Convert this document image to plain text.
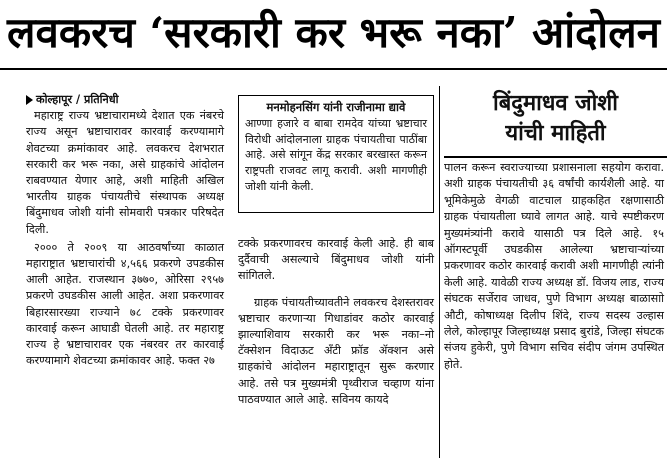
लवकरच ‘सरकारी कर भरू नका’ आंदोलन

कोल्हापूर / प्रतिनिधी

महाराष्ट्र राज्य भ्रष्टाचारामध्ये देशात एक नंबरचे राज्य असून भ्रष्टाचारावर कारवाई करण्यामागे शेवटच्या क्रमांकावर आहे. लवकरच देशभरात सरकारी कर भरू नका, असे ग्राहकांचे आंदोलन राबवण्यात येणार आहे, अशी माहिती अखिल भारतीय ग्राहक पंचायतीचे संस्थापक अध्यक्ष बिंदुमाधव जोशी यांनी सोमवारी पत्रकार परिषदेत दिली.

२००० ते २००९ या आठवर्षांच्या काळात महाराष्ट्रात भ्रष्टाचारांची ४,५६६ प्रकरणे उपडकीस आली आहेत. राजस्थान ३७७०, ओरिसा २९५७ प्रकरणे उघडकीस आली आहेत. अशा प्रकरणावर बिहारसारख्या राज्याने ७८ टक्के प्रकरणावर कारवाई करून आघाडी घेतली आहे. तर महाराष्ट्र राज्य हे भ्रष्टाचारावर एक नंबरवर तर कारवाई करण्यामागे शेवटच्या क्रमांकावर आहे. फक्त २७

मनमोहनसिंग यांनी राजीनामा द्यावे
आण्णा हजारे व बाबा रामदेव यांच्या भ्रष्टाचार विरोधी आंदोलनाला ग्राहक पंचायतीचा पाठींबा आहे. असे सांगून केंद्र सरकार बरखास्त करून राष्ट्रपती राजवट लागू करावी. अशी मागणीही जोशी यांनी केली.

टक्के प्रकरणावरच कारवाई केली आहे. ही बाब दुर्दैवाची असल्याचे बिंदुमाधव जोशी यांनी सांगितले.

ग्राहक पंचायतीच्यावतीने लवकरच देशस्तरावर भ्रष्टाचार करणाऱ्या गिधाडांवर कठोर कारवाई झाल्याशिवाय सरकारी कर भरू नका–नो टॅक्सेशन विदाऊट ॲंटी फ्रॉड ॲक्शन असे ग्राहकांचे आंदोलन महाराष्ट्रातून सुरू करणार आहे. तसे पत्र मुख्यमंत्री पृथ्वीराज चव्हाण यांना पाठवण्यात आले आहे. सविनय कायदे

बिंदुमाधव जोशी
यांची माहिती

पालन करून स्वराज्याच्या प्रशासनाला सहयोग करावा. अशी ग्राहक पंचायतीची ३६ वर्षांची कार्यशैली आहे. या भूमिकेमुळे वेगळी वाटचाल ग्राहकहित रक्षणासाठी ग्राहक पंचायतीला घ्यावे लागत आहे. याचे स्पष्टीकरण मुख्यमंत्र्यांनी करावे यासाठी पत्र दिले आहे. १५ ऑगस्टपूर्वी उघडकीस आलेल्या भ्रष्टाचाऱ्यांच्या प्रकरणावर कठोर कारवाई करावी अशी मागणीही त्यांनी केली आहे. यावेळी राज्य अध्यक्ष डॉ. विजय लाड, राज्य संघटक सर्जेराव जाधव, पुणे विभाग अध्यक्ष बाळासाो औटी, कोषाध्यक्ष दिलीप शिंदे, राज्य सदस्य उल्हास लेले, कोल्हापूर जिल्हाध्यक्ष प्रसाद बुरांडे, जिल्हा संघटक संजय हुकेरी, पुणे विभाग सचिव संदीप जंगम उपस्थित होते.
